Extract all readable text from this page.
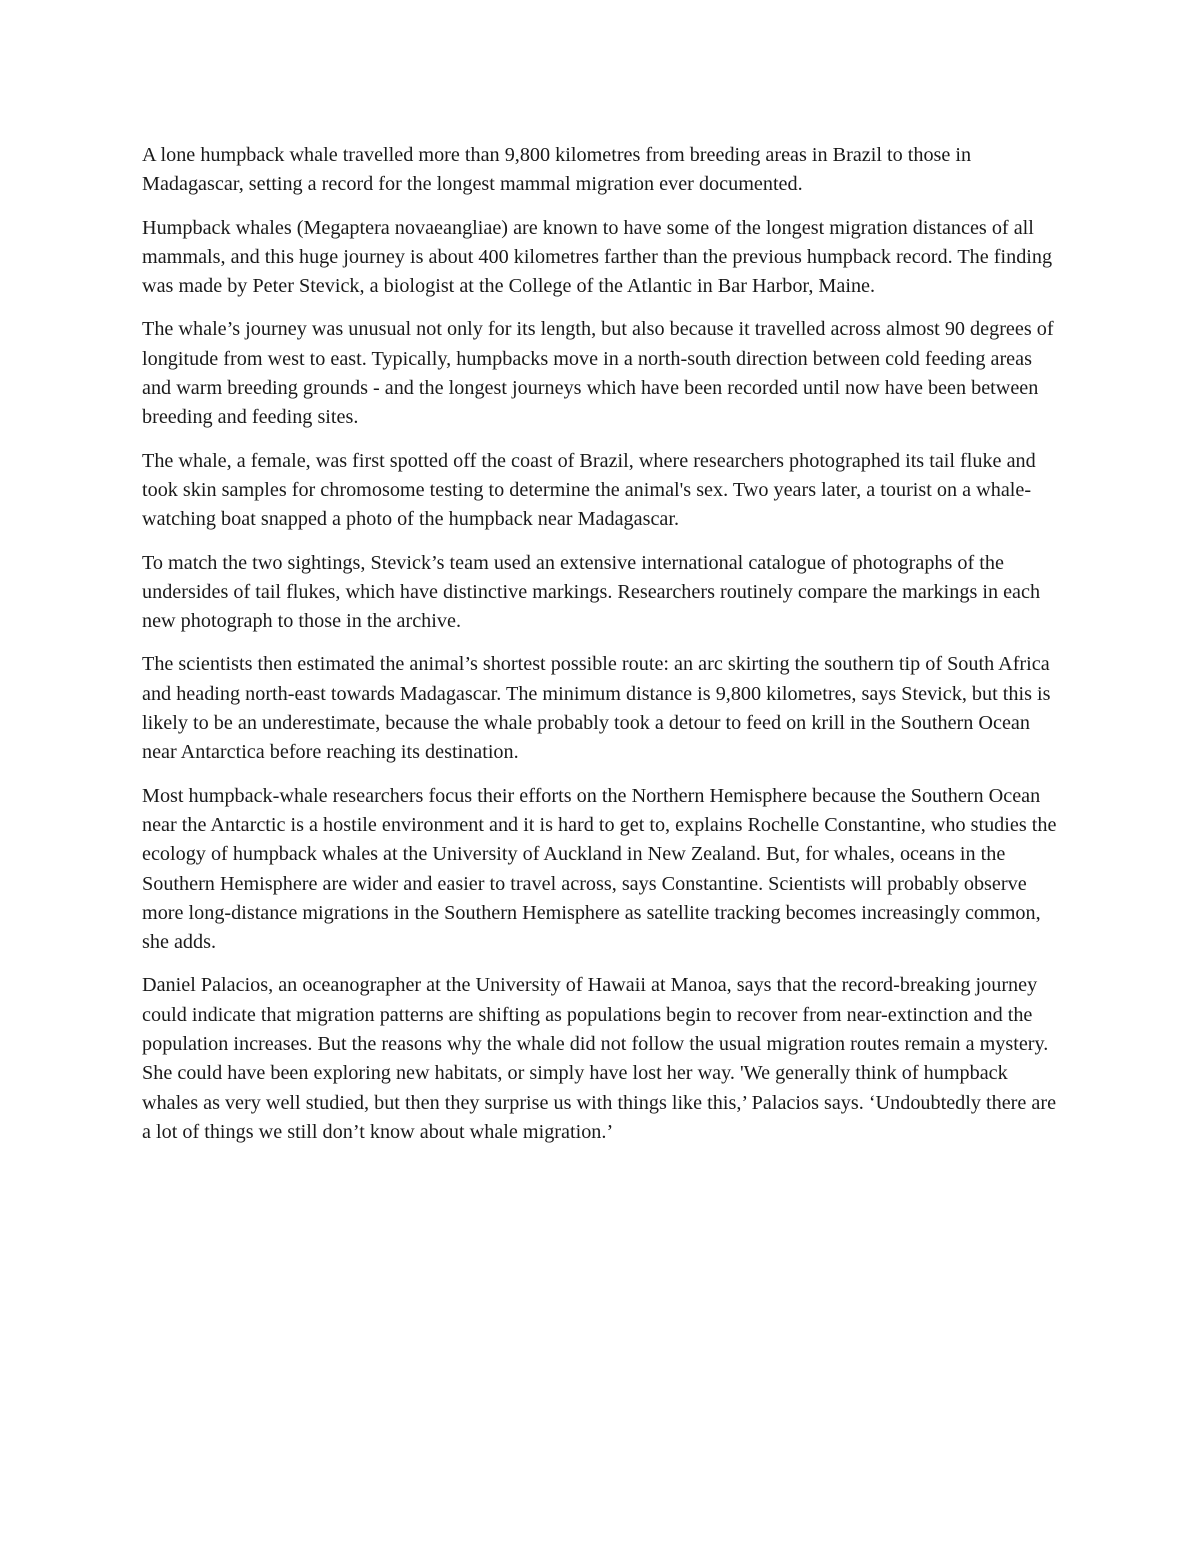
A lone humpback whale travelled more than 9,800 kilometres from breeding areas in Brazil to those in Madagascar, setting a record for the longest mammal migration ever documented.

Humpback whales (Megaptera novaeangliae) are known to have some of the longest migration distances of all mammals, and this huge journey is about 400 kilometres farther than the previous humpback record. The finding was made by Peter Stevick, a biologist at the College of the Atlantic in Bar Harbor, Maine.

The whale’s journey was unusual not only for its length, but also because it travelled across almost 90 degrees of longitude from west to east. Typically, humpbacks move in a north-south direction between cold feeding areas and warm breeding grounds - and the longest journeys which have been recorded until now have been between breeding and feeding sites.

The whale, a female, was first spotted off the coast of Brazil, where researchers photographed its tail fluke and took skin samples for chromosome testing to determine the animal's sex. Two years later, a tourist on a whale-watching boat snapped a photo of the humpback near Madagascar.

To match the two sightings, Stevick’s team used an extensive international catalogue of photographs of the undersides of tail flukes, which have distinctive markings. Researchers routinely compare the markings in each new photograph to those in the archive.

The scientists then estimated the animal’s shortest possible route: an arc skirting the southern tip of South Africa and heading north-east towards Madagascar. The minimum distance is 9,800 kilometres, says Stevick, but this is likely to be an underestimate, because the whale probably took a detour to feed on krill in the Southern Ocean near Antarctica before reaching its destination.

Most humpback-whale researchers focus their efforts on the Northern Hemisphere because the Southern Ocean near the Antarctic is a hostile environment and it is hard to get to, explains Rochelle Constantine, who studies the ecology of humpback whales at the University of Auckland in New Zealand. But, for whales, oceans in the Southern Hemisphere are wider and easier to travel across, says Constantine. Scientists will probably observe more long-distance migrations in the Southern Hemisphere as satellite tracking becomes increasingly common, she adds.

Daniel Palacios, an oceanographer at the University of Hawaii at Manoa, says that the record-breaking journey could indicate that migration patterns are shifting as populations begin to recover from near-extinction and the population increases. But the reasons why the whale did not follow the usual migration routes remain a mystery. She could have been exploring new habitats, or simply have lost her way. 'We generally think of humpback whales as very well studied, but then they surprise us with things like this,’ Palacios says. ‘Undoubtedly there are a lot of things we still don’t know about whale migration.’
